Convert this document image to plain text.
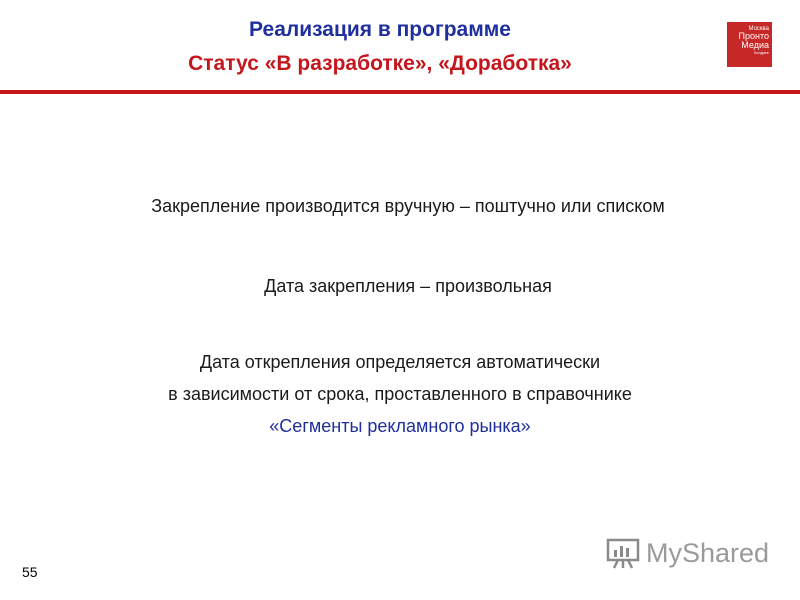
Реализация в программе
Статус «В разработке», «Доработка»
Москва
Пронто
Медиа
Холдинг
Закрепление производится вручную – поштучно или списком
Дата закрепления – произвольная
Дата открепления определяется автоматически
в зависимости от срока, проставленного в справочнике
«Сегменты рекламного рынка»
55
MyShared
